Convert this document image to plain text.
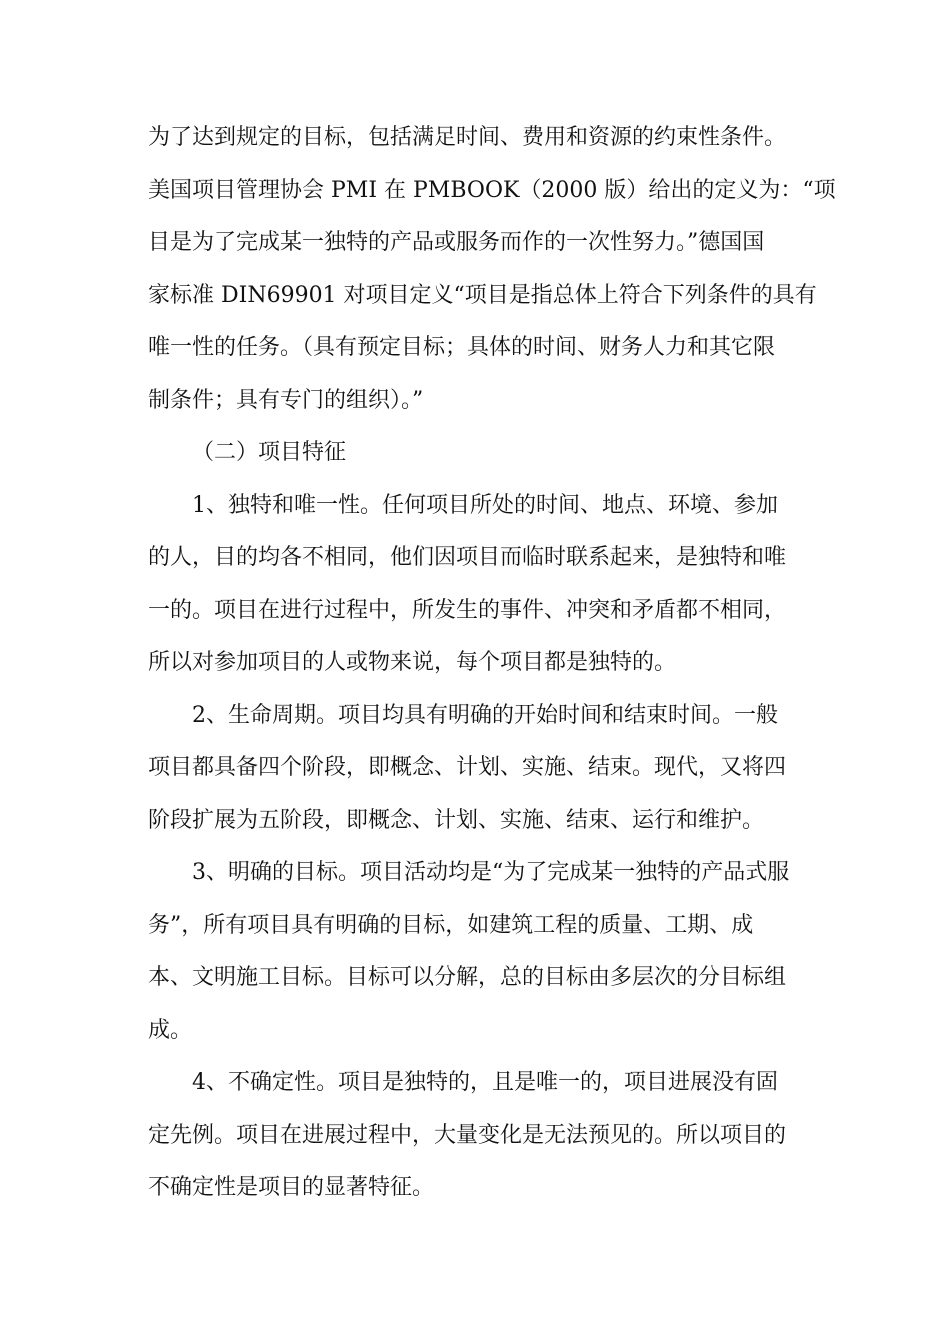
为了达到规定的目标，包括满足时间、费用和资源的约束性条件。
美国项目管理协会 PMI 在 PMBOOK（2000 版）给出的定义为：“项
目是为了完成某一独特的产品或服务而作的一次性努力。”德国国
家标准 DIN69901 对项目定义“项目是指总体上符合下列条件的具有
唯一性的任务。（具有预定目标；具体的时间、财务人力和其它限
制条件；具有专门的组织）。”
（二）项目特征
1、独特和唯一性。任何项目所处的时间、地点、环境、参加
的人，目的均各不相同，他们因项目而临时联系起来，是独特和唯
一的。项目在进行过程中，所发生的事件、冲突和矛盾都不相同，
所以对参加项目的人或物来说，每个项目都是独特的。
2、生命周期。项目均具有明确的开始时间和结束时间。一般
项目都具备四个阶段，即概念、计划、实施、结束。现代，又将四
阶段扩展为五阶段，即概念、计划、实施、结束、运行和维护。
3、明确的目标。项目活动均是“为了完成某一独特的产品式服
务”，所有项目具有明确的目标，如建筑工程的质量、工期、成
本、文明施工目标。目标可以分解，总的目标由多层次的分目标组
成。
4、不确定性。项目是独特的，且是唯一的，项目进展没有固
定先例。项目在进展过程中，大量变化是无法预见的。所以项目的
不确定性是项目的显著特征。
